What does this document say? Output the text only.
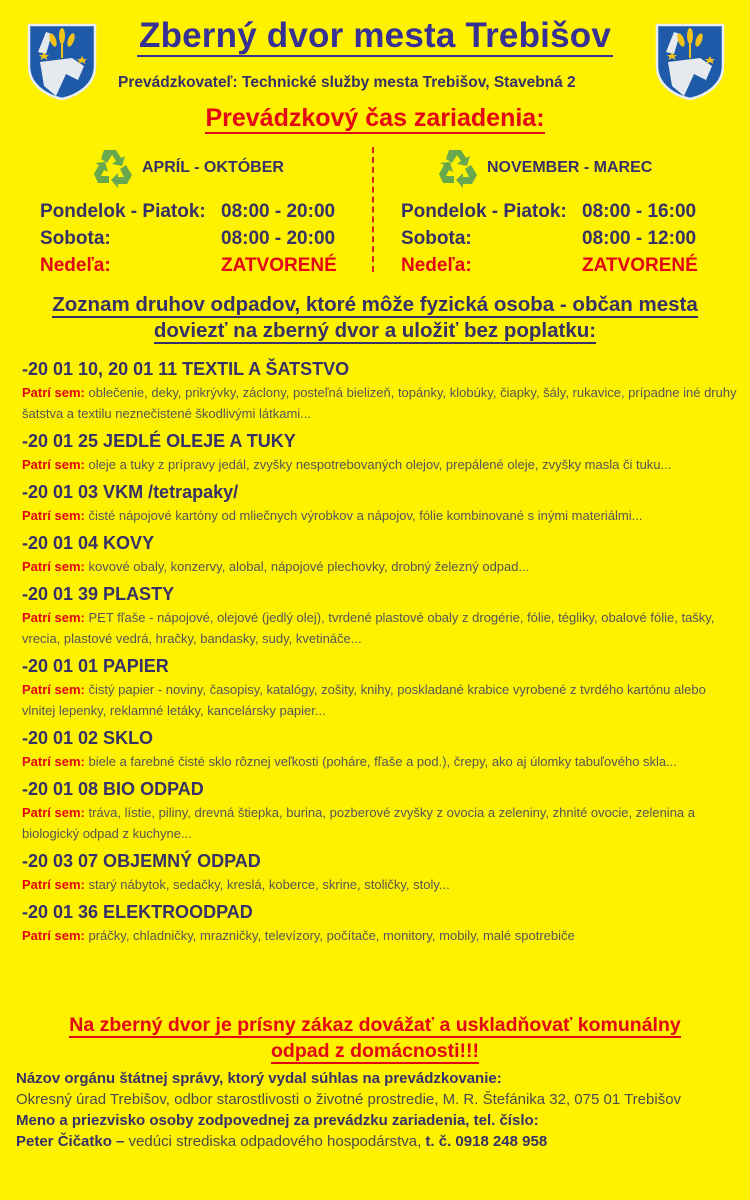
Zberný dvor mesta Trebišov
Prevádzkovateľ: Technické služby mesta Trebišov, Stavebná 2
Prevádzkový čas zariadenia:
APRÍL - OKTÓBER
Pondelok - Piatok: 08:00 - 20:00
Sobota:	08:00 - 20:00
Nedeľa:	ZATVORENÉ
NOVEMBER - MAREC
Pondelok - Piatok: 08:00 - 16:00
Sobota:	08:00 - 12:00
Nedeľa:	ZATVORENÉ
Zoznam druhov odpadov, ktoré môže fyzická osoba - občan mesta
doviezť na zberný dvor a uložiť bez poplatku:
-20 01 10, 20 01 11 TEXTIL A ŠATSTVO
Patrí sem: oblečenie, deky, prikrývky, záclony, posteľná bielizeň, topánky, klobúky, čiapky, šály, rukavice, prípadne iné druhy šatstva a textilu neznečistené škodlivými látkami...
-20 01 25 JEDLÉ OLEJE A TUKY
Patrí sem: oleje a tuky z prípravy jedál, zvyšky nespotrebovaných olejov, prepálené oleje, zvyšky masla či tuku...
-20 01 03 VKM /tetrapaky/
Patrí sem: čisté nápojové kartóny od mliečnych výrobkov a nápojov, fólie kombinované s inými materiálmi...
-20 01 04 KOVY
Patrí sem: kovové obaly, konzervy, alobal, nápojové plechovky, drobný železný odpad...
-20 01 39 PLASTY
Patrí sem: PET fľaše - nápojové, olejové (jedlý olej), tvrdené plastové obaly z drogérie, fólie, tégliky, obalové fólie, tašky, vrecia, plastové vedrá, hračky, bandasky, sudy, kvetináče...
-20 01 01 PAPIER
Patrí sem: čistý papier - noviny, časopisy, katalógy, zošity, knihy, poskladané krabice vyrobené z tvrdého kartónu alebo vlnitej lepenky, reklamné letáky, kancelársky papier...
-20 01 02 SKLO
Patrí sem: biele a farebné čisté sklo rôznej veľkosti (poháre, fľaše a pod.), črepy, ako aj úlomky tabuľového skla...
-20 01 08 BIO ODPAD
Patrí sem: tráva, lístie, piliny, drevná štiepka, burina, pozberové zvyšky z ovocia a zeleniny, zhnité ovocie, zelenina a biologický odpad z kuchyne...
-20 03 07 OBJEMNÝ ODPAD
Patrí sem: starý nábytok, sedačky, kreslá, koberce, skrine, stoličky, stoly...
-20 01 36 ELEKTROODPAD
Patrí sem: práčky, chladničky, mrazničky, televízory, počítače, monitory, mobily, malé spotrebiče
Na zberný dvor je prísny zákaz dovážať a uskladňovať komunálny
odpad z domácnosti!!!
Názov orgánu štátnej správy, ktorý vydal súhlas na prevádzkovanie:
Okresný úrad Trebišov, odbor starostlivosti o životné prostredie, M. R. Štefánika 32, 075 01 Trebišov
Meno a priezvisko osoby zodpovednej za prevádzku zariadenia, tel. číslo:
Peter Čičatko – vedúci strediska odpadového hospodárstva, t. č. 0918 248 958
